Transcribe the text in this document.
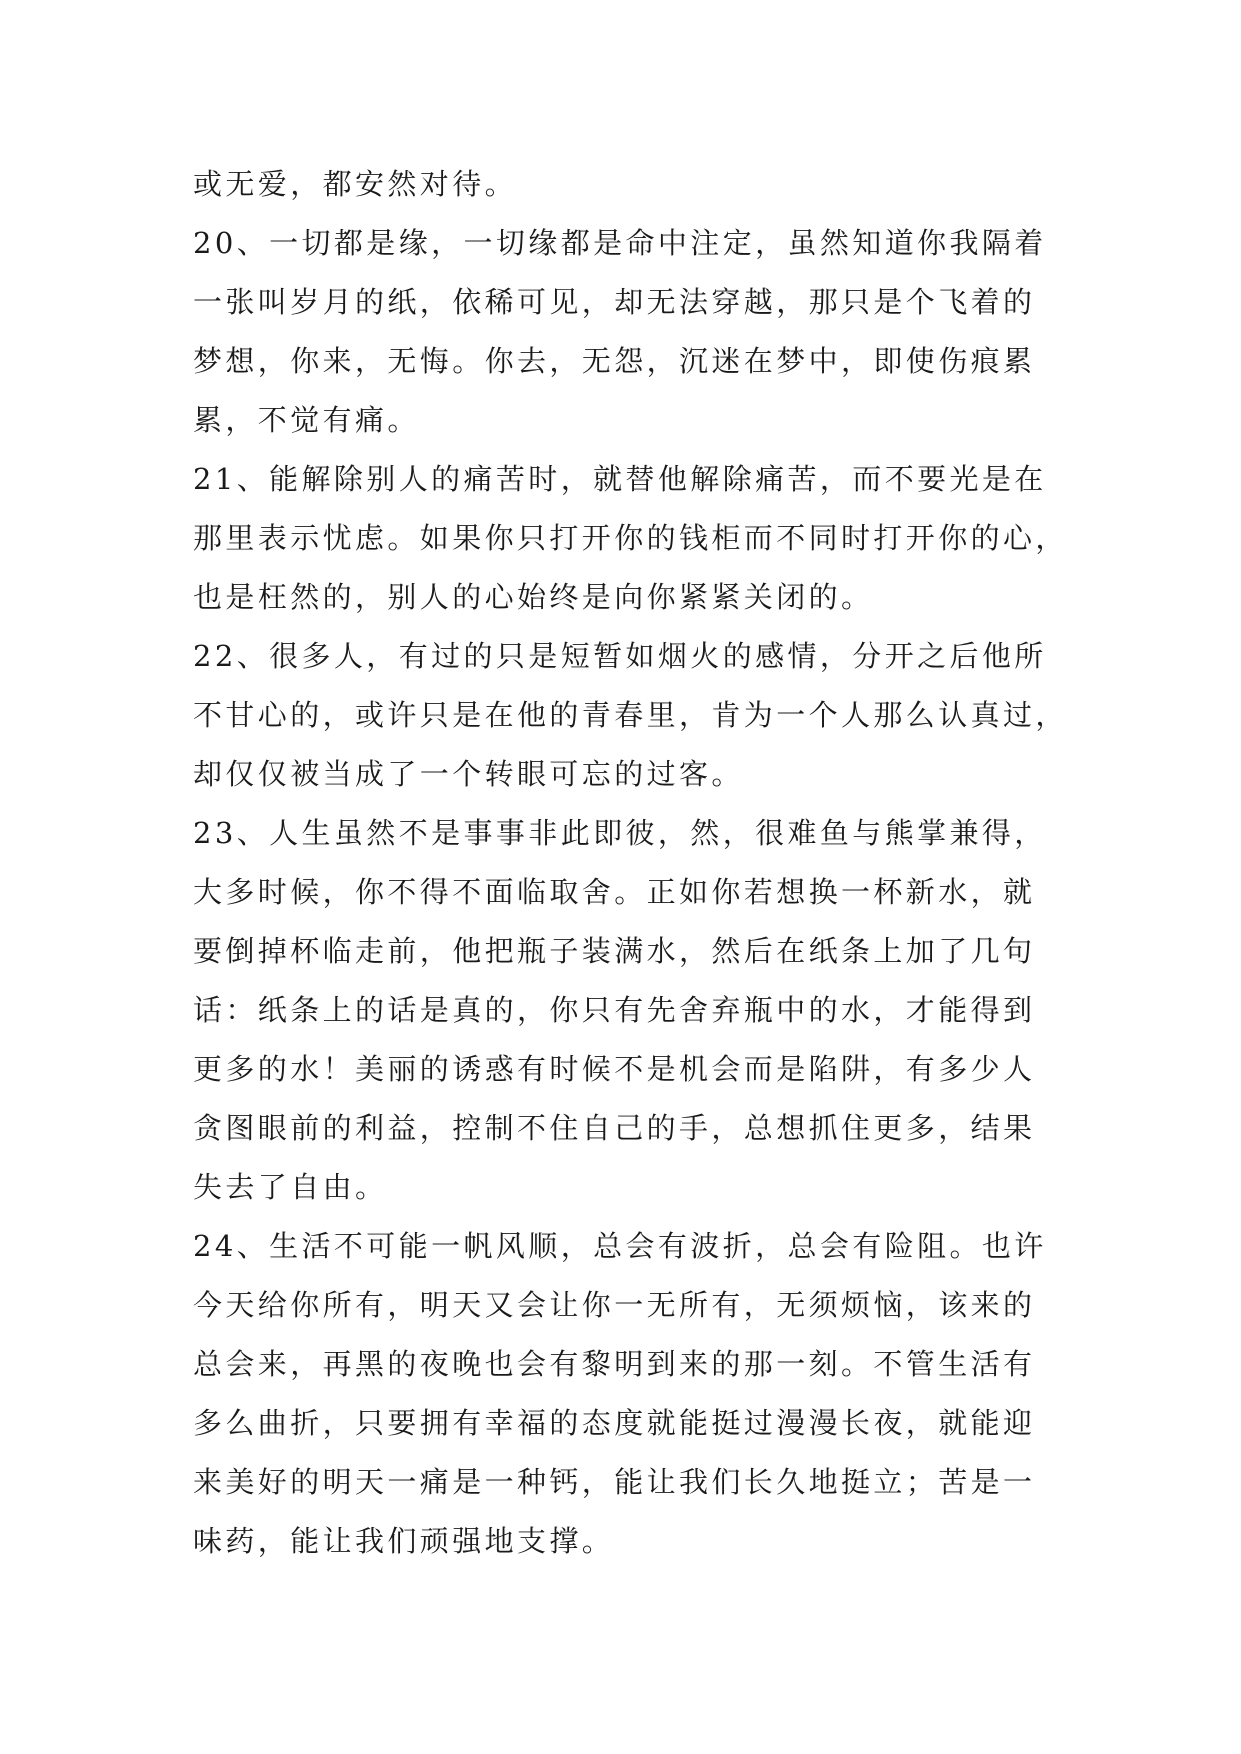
或无爱，都安然对待。
20、一切都是缘，一切缘都是命中注定，虽然知道你我隔着
一张叫岁月的纸，依稀可见，却无法穿越，那只是个飞着的
梦想，你来，无悔。你去，无怨，沉迷在梦中，即使伤痕累
累，不觉有痛。
21、能解除别人的痛苦时，就替他解除痛苦，而不要光是在
那里表示忧虑。如果你只打开你的钱柜而不同时打开你的心，
也是枉然的，别人的心始终是向你紧紧关闭的。
22、很多人，有过的只是短暂如烟火的感情，分开之后他所
不甘心的，或许只是在他的青春里，肯为一个人那么认真过，
却仅仅被当成了一个转眼可忘的过客。
23、人生虽然不是事事非此即彼，然，很难鱼与熊掌兼得，
大多时候，你不得不面临取舍。正如你若想换一杯新水，就
要倒掉杯临走前，他把瓶子装满水，然后在纸条上加了几句
话：纸条上的话是真的，你只有先舍弃瓶中的水，才能得到
更多的水！美丽的诱惑有时候不是机会而是陷阱，有多少人
贪图眼前的利益，控制不住自己的手，总想抓住更多，结果
失去了自由。
24、生活不可能一帆风顺，总会有波折，总会有险阻。也许
今天给你所有，明天又会让你一无所有，无须烦恼，该来的
总会来，再黑的夜晚也会有黎明到来的那一刻。不管生活有
多么曲折，只要拥有幸福的态度就能挺过漫漫长夜，就能迎
来美好的明天一痛是一种钙，能让我们长久地挺立；苦是一
味药，能让我们顽强地支撑。
